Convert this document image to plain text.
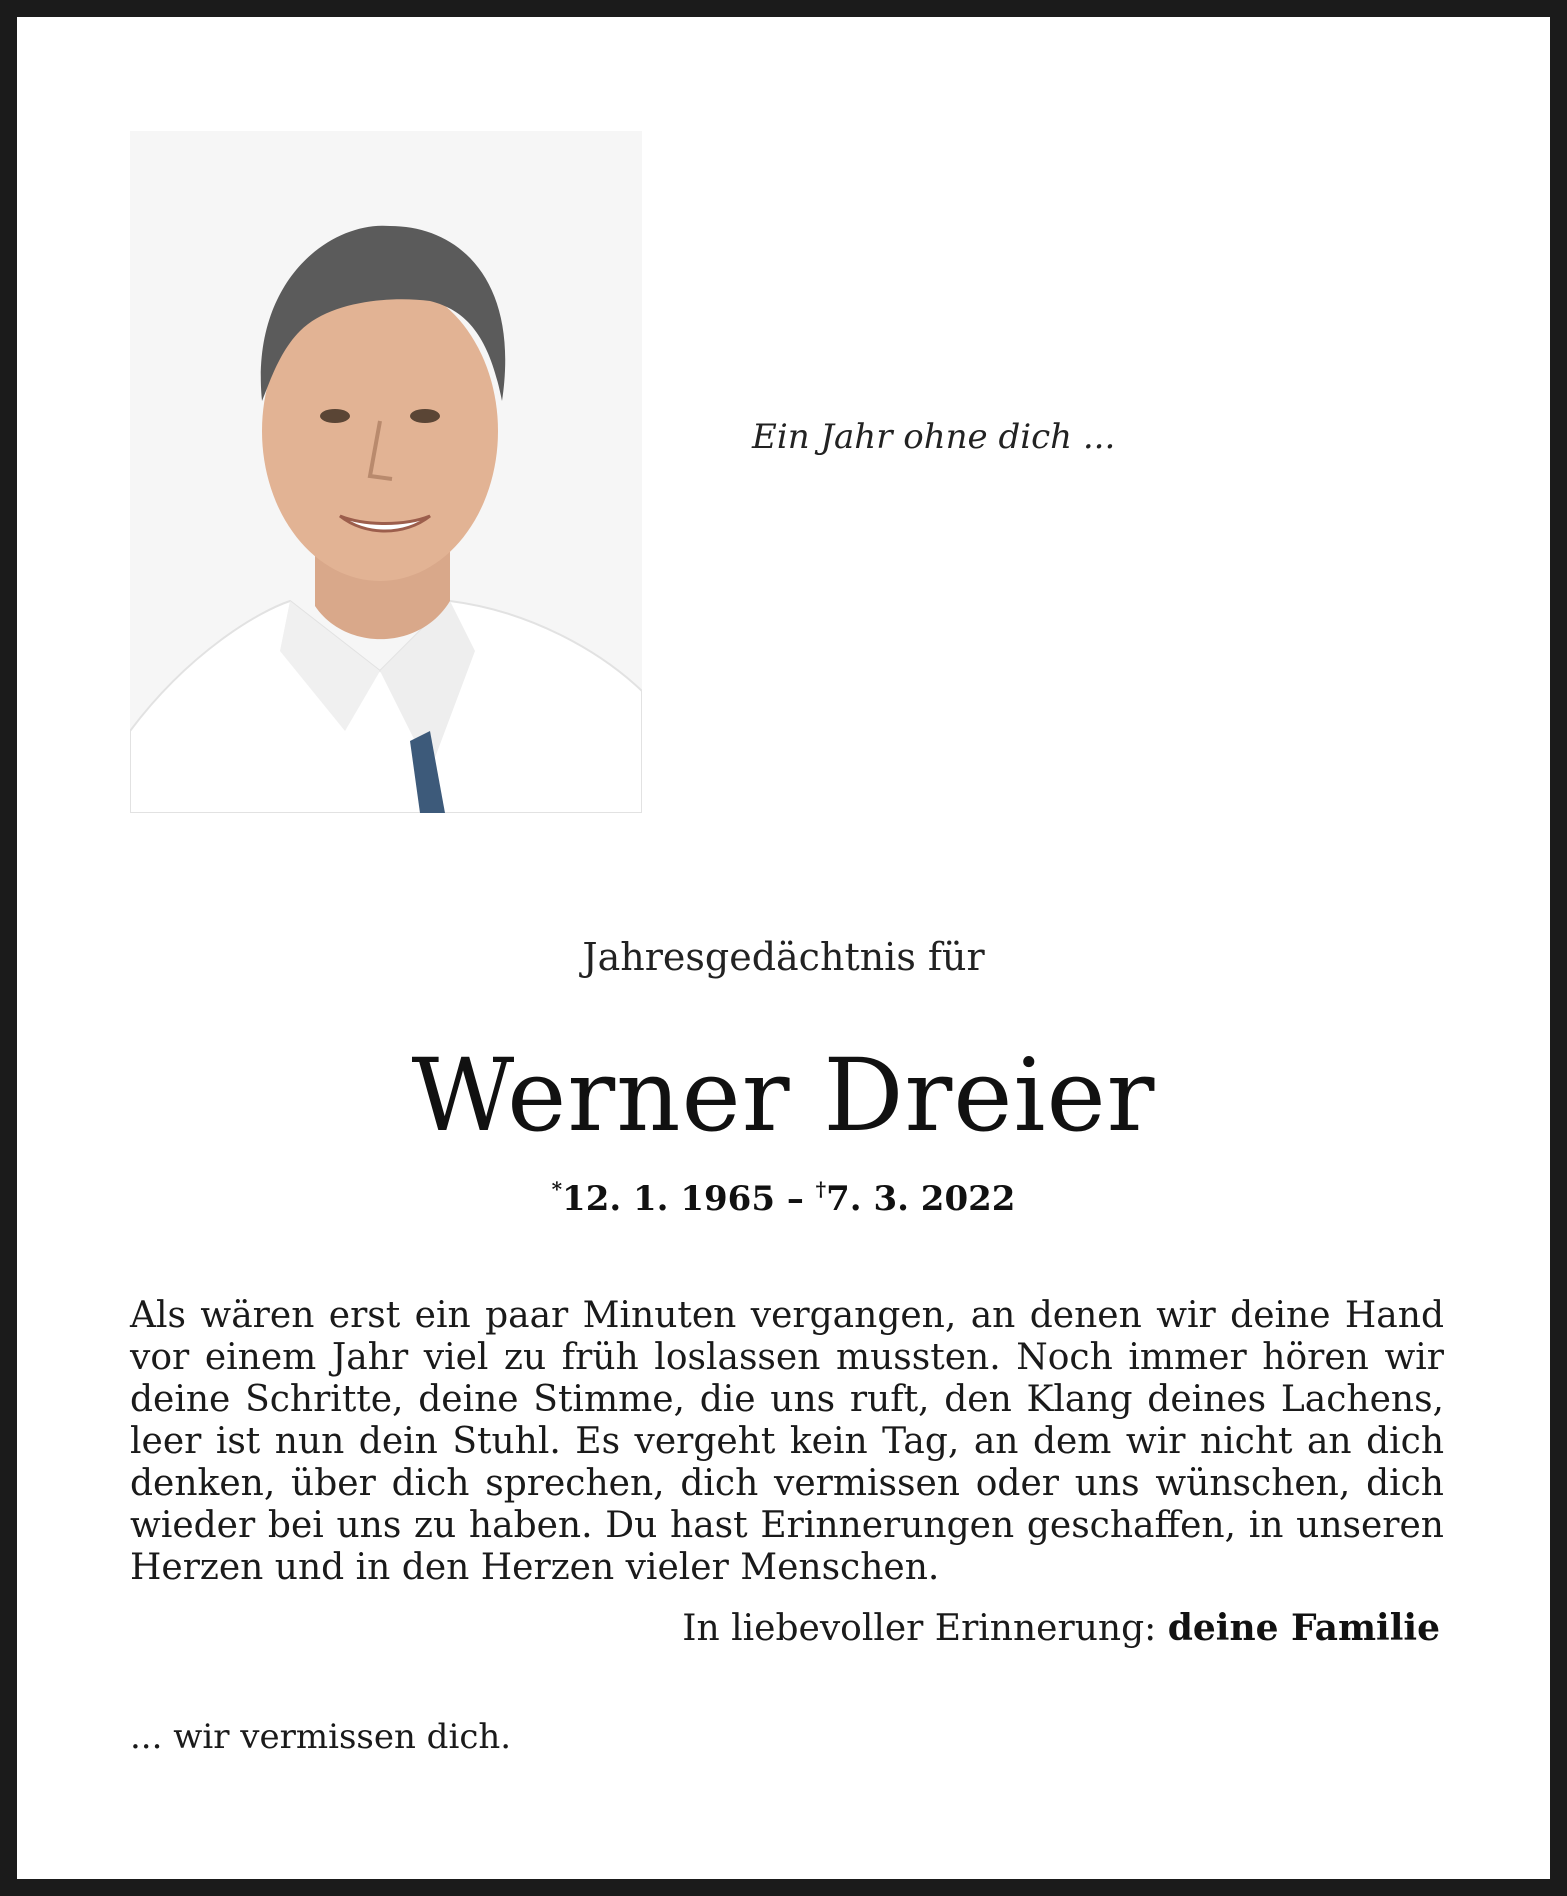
Ein Jahr ohne dich ...
Jahresgedächtnis für
Werner Dreier
*12. 1. 1965 – †7. 3. 2022
Als wären erst ein paar Minuten vergangen, an denen wir deine Hand vor einem Jahr viel zu früh loslassen mussten. Noch immer hören wir deine Schritte, deine Stimme, die uns ruft, den Klang deines Lachens, leer ist nun dein Stuhl. Es vergeht kein Tag, an dem wir nicht an dich denken, über dich sprechen, dich vermissen oder uns wünschen, dich wieder bei uns zu haben. Du hast Erinnerungen geschaffen, in unseren Herzen und in den Herzen vieler Menschen.
In liebevoller Erinnerung: deine Familie
... wir vermissen dich.
